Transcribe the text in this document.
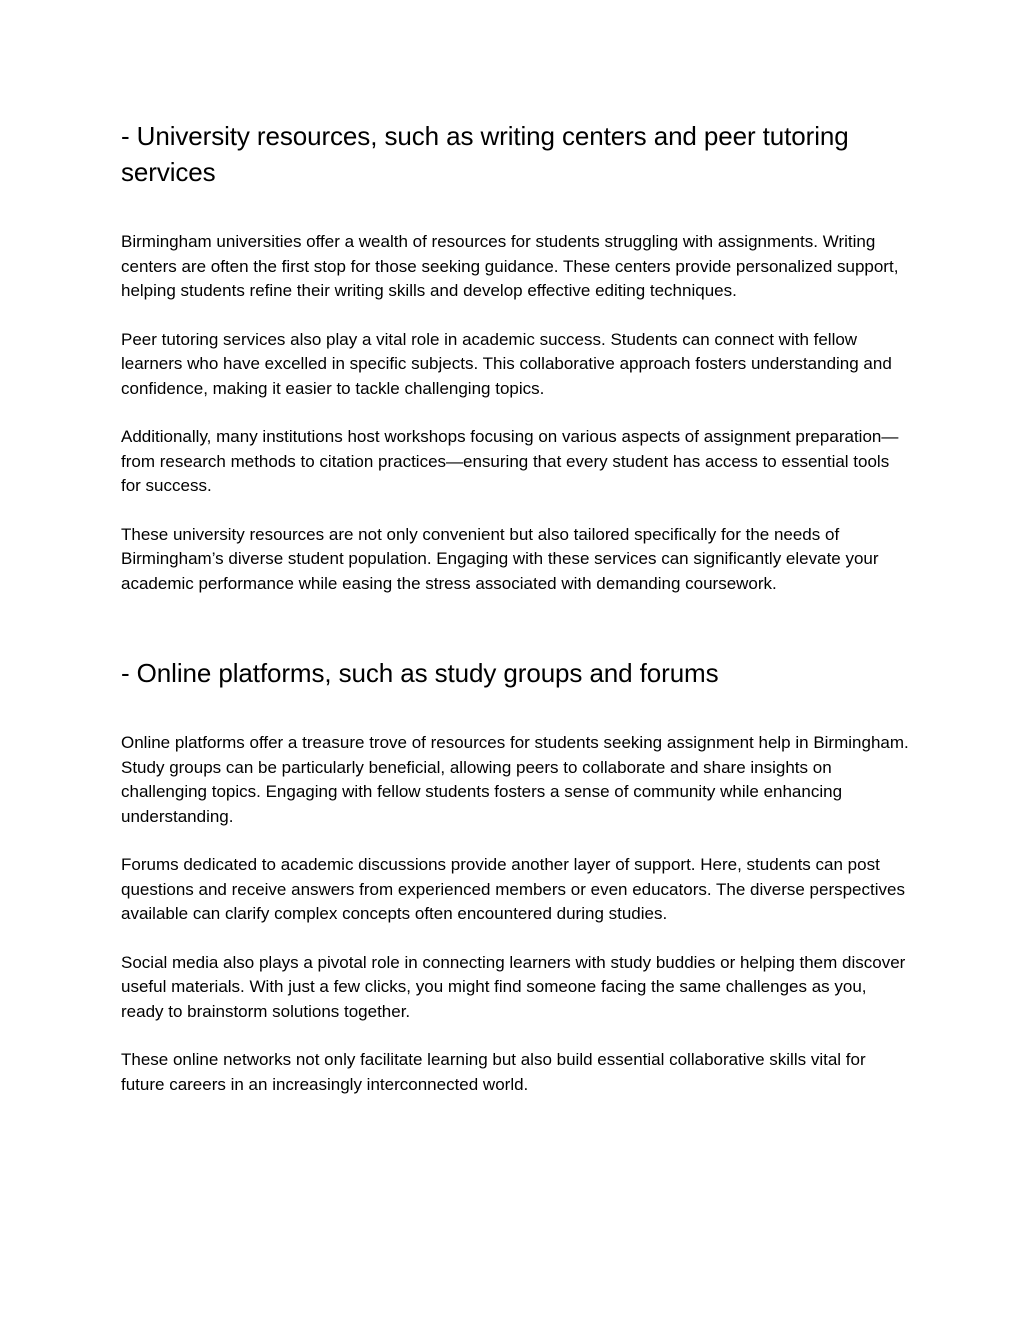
- University resources, such as writing centers and peer tutoring services

Birmingham universities offer a wealth of resources for students struggling with assignments. Writing centers are often the first stop for those seeking guidance. These centers provide personalized support, helping students refine their writing skills and develop effective editing techniques.

Peer tutoring services also play a vital role in academic success. Students can connect with fellow learners who have excelled in specific subjects. This collaborative approach fosters understanding and confidence, making it easier to tackle challenging topics.

Additionally, many institutions host workshops focusing on various aspects of assignment preparation—from research methods to citation practices—ensuring that every student has access to essential tools for success.

These university resources are not only convenient but also tailored specifically for the needs of Birmingham’s diverse student population. Engaging with these services can significantly elevate your academic performance while easing the stress associated with demanding coursework.

- Online platforms, such as study groups and forums

Online platforms offer a treasure trove of resources for students seeking assignment help in Birmingham. Study groups can be particularly beneficial, allowing peers to collaborate and share insights on challenging topics. Engaging with fellow students fosters a sense of community while enhancing understanding.

Forums dedicated to academic discussions provide another layer of support. Here, students can post questions and receive answers from experienced members or even educators. The diverse perspectives available can clarify complex concepts often encountered during studies.

Social media also plays a pivotal role in connecting learners with study buddies or helping them discover useful materials. With just a few clicks, you might find someone facing the same challenges as you, ready to brainstorm solutions together.

These online networks not only facilitate learning but also build essential collaborative skills vital for future careers in an increasingly interconnected world.
